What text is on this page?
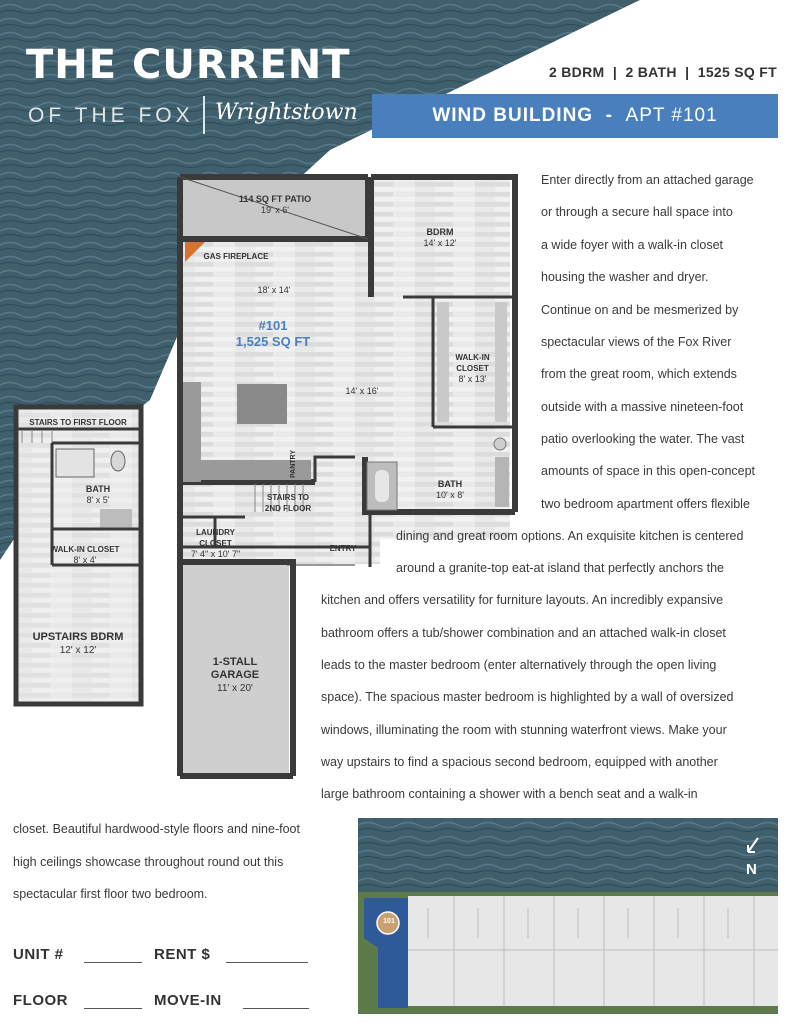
THE CURRENT
OF THE FOX Wrightstown
2 BDRM  |  2 BATH  |  1525 SQ FT
WIND BUILDING - APT #101
114 SQ FT PATIO
19' x 6'
BDRM
14' x 12'
GAS FIREPLACE
18' x 14'
#101
1,525 SQ FT
14' x 16'
WALK-IN CLOSET
8' x 13'
PANTRY
BATH
10' x 8'
STAIRS TO 2ND FLOOR
LAUNDRY CLOSET
7' 4" x 10' 7"
ENTRY
1-STALL GARAGE
11' x 20'
STAIRS TO FIRST FLOOR
BATH
8' x 5'
WALK-IN CLOSET
8' x 4'
UPSTAIRS BDRM
12' x 12'
N
101
UNIT #	RENT $
FLOOR	MOVE-IN
Enter directly from an attached garage
or through a secure hall space into
a wide foyer with a walk-in closet
housing the washer and dryer.
Continue on and be mesmerized by
spectacular views of the Fox River
from the great room, which extends
outside with a massive nineteen-foot
patio overlooking the water. The vast
amounts of space in this open-concept
two bedroom apartment offers flexible
dining and great room options. An exquisite kitchen is centered
around a granite-top eat-at island that perfectly anchors the
kitchen and offers versatility for furniture layouts. An incredibly expansive
bathroom offers a tub/shower combination and an attached walk-in closet
leads to the master bedroom (enter alternatively through the open living
space). The spacious master bedroom is highlighted by a wall of oversized
windows, illuminating the room with stunning waterfront views. Make your
way upstairs to find a spacious second bedroom, equipped with another
large bathroom containing a shower with a bench seat and a walk-in
closet. Beautiful hardwood-style floors and nine-foot
high ceilings showcase throughout round out this
spectacular first floor two bedroom.
